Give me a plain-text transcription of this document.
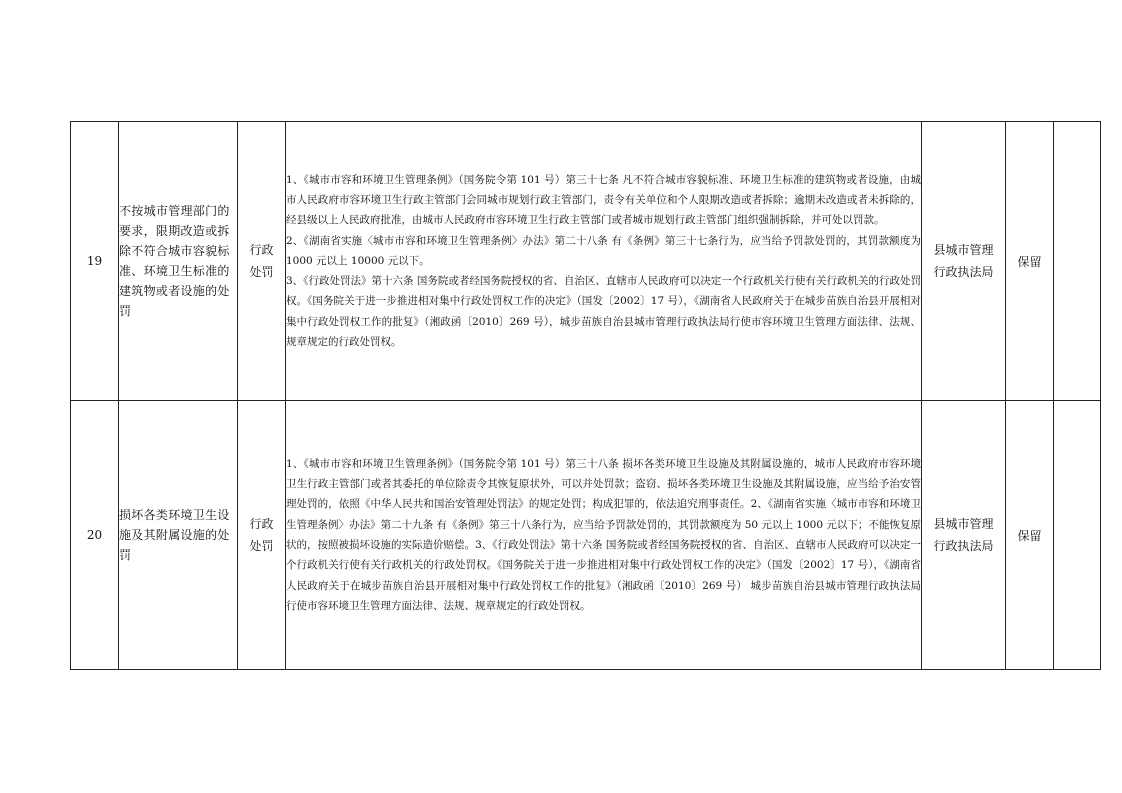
19	不按城市管理部门的要求，限期改造或拆除不符合城市容貌标准、环境卫生标准的建筑物或者设施的处罚	行政
处罚	1、《城市市容和环境卫生管理条例》（国务院令第 101 号）第三十七条 凡不符合城市容貌标准、环境卫生标准的建筑物或者设施，由城市人民政府市容环境卫生行政主管部门会同城市规划行政主管部门，责令有关单位和个人限期改造或者拆除；逾期未改造或者未拆除的，经县级以上人民政府批准，由城市人民政府市容环境卫生行政主管部门或者城市规划行政主管部门组织强制拆除，并可处以罚款。
2、《湖南省实施〈城市市容和环境卫生管理条例〉办法》第二十八条 有《条例》第三十七条行为，应当给予罚款处罚的，其罚款额度为 1000 元以上 10000 元以下。
3、《行政处罚法》第十六条 国务院或者经国务院授权的省、自治区、直辖市人民政府可以决定一个行政机关行使有关行政机关的行政处罚权。《国务院关于进一步推进相对集中行政处罚权工作的决定》（国发〔2002〕17 号），《湖南省人民政府关于在城步苗族自治县开展相对集中行政处罚权工作的批复》（湘政函〔2010〕269 号），城步苗族自治县城市管理行政执法局行使市容环境卫生管理方面法律、法规、规章规定的行政处罚权。	县城市管理
行政执法局	保留	
20	损坏各类环境卫生设施及其附属设施的处罚	行政
处罚	1、《城市市容和环境卫生管理条例》（国务院令第 101 号）第三十八条 损坏各类环境卫生设施及其附属设施的，城市人民政府市容环境卫生行政主管部门或者其委托的单位除责令其恢复原状外，可以并处罚款；盗窃、损坏各类环境卫生设施及其附属设施，应当给予治安管理处罚的，依照《中华人民共和国治安管理处罚法》的规定处罚；构成犯罪的，依法追究刑事责任。2、《湖南省实施〈城市市容和环境卫生管理条例〉办法》第二十九条 有《条例》第三十八条行为，应当给予罚款处罚的，其罚款额度为 50 元以上 1000 元以下；不能恢复原状的，按照被损坏设施的实际造价赔偿。3、《行政处罚法》第十六条 国务院或者经国务院授权的省、自治区、直辖市人民政府可以决定一个行政机关行使有关行政机关的行政处罚权。《国务院关于进一步推进相对集中行政处罚权工作的决定》（国发〔2002〕17 号），《湖南省人民政府关于在城步苗族自治县开展相对集中行政处罚权工作的批复》（湘政函〔2010〕269 号） 城步苗族自治县城市管理行政执法局行使市容环境卫生管理方面法律、法规、规章规定的行政处罚权。	县城市管理
行政执法局	保留	
